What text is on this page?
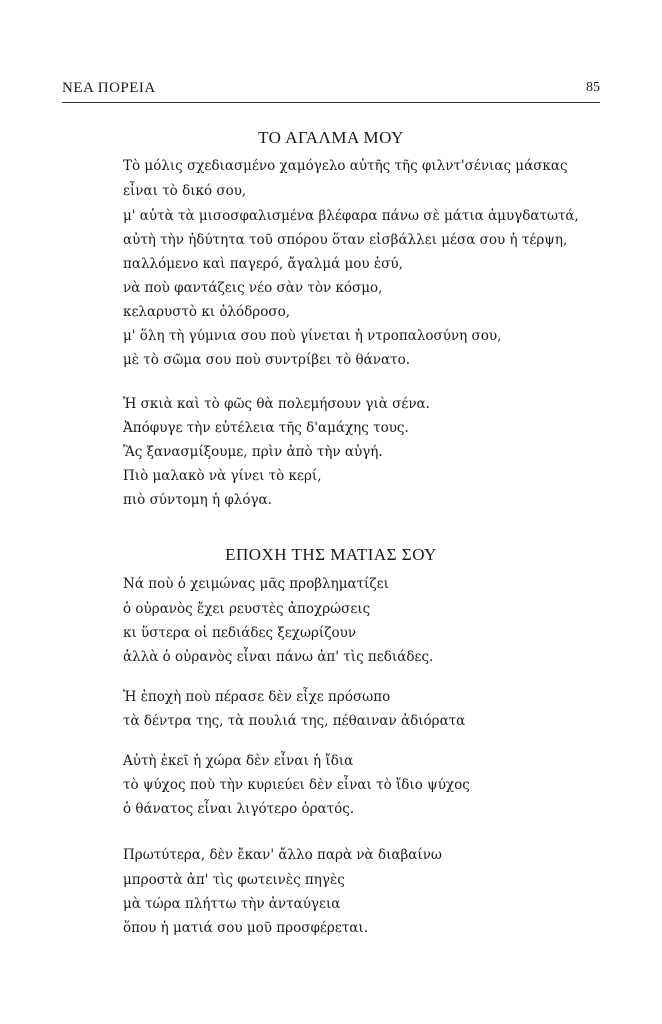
ΝΕΑ ΠΟΡΕΙΑ	85
ΤΟ ΑΓΑΛΜΑ ΜΟΥ
Τὸ μόλις σχεδιασμένο χαμόγελο αὐτῆς τῆς φιλντ'σένιας μάσκας
εἶναι τὸ δικό σου,
μ' αὐτὰ τὰ μισοσφαλισμένα βλέφαρα πάνω σὲ μάτια ἀμυγδατωτά,
αὐτὴ τὴν ἠδύτητα τοῦ σπόρου ὅταν εἰσβάλλει μέσα σου ἡ τέρψη,
παλλόμενο καὶ παγερό, ἄγαλμά μου ἐσύ,
νὰ ποὺ φαντάζεις νέο σὰν τὸν κόσμο,
κελαρυστὸ κι ὁλόδροσο,
μ' ὅλη τὴ γύμνια σου ποὺ γίνεται ἡ ντροπαλοσύνη σου,
μὲ τὸ σῶμα σου ποὺ συντρίβει τὸ θάνατο.
Ἡ σκιὰ καὶ τὸ φῶς θὰ πολεμήσουν γιὰ σένα.
Ἀπόφυγε τὴν εὐτέλεια τῆς δ'αμάχης τους.
Ἂς ξανασμίξουμε, πρὶν ἀπὸ τὴν αὐγή.
Πιὸ μαλακὸ νὰ γίνει τὸ κερί,
πιὸ σύντομη ἡ φλόγα.
ΕΠΟΧΗ ΤΗΣ ΜΑΤΙΑΣ ΣΟΥ
Νά ποὺ ὁ χειμώνας μᾶς προβληματίζει
ὁ οὐρανὸς ἔχει ρευστὲς ἀποχρώσεις
κι ὕστερα οἱ πεδιάδες ξεχωρίζουν
ἀλλὰ ὁ οὐρανὸς εἶναι πάνω ἀπ' τὶς πεδιάδες.
Ἡ ἐποχὴ ποὺ πέρασε δὲν εἶχε πρόσωπο
τὰ δέντρα της, τὰ πουλιά της, πέθαιναν ἀδιόρατα
Αὐτὴ ἐκεῖ ἡ χώρα δὲν εἶναι ἡ ἴδια
τὸ ψύχος ποὺ τὴν κυριεύει δὲν εἶναι τὸ ἴδιο ψύχος
ὁ θάνατος εἶναι λιγότερο ὁρατός.
Πρωτύτερα, δὲν ἔκαν' ἄλλο παρὰ νὰ διαβαίνω
μπροστὰ ἀπ' τὶς φωτεινὲς πηγὲς
μὰ τώρα πλήττω τὴν ἀνταύγεια
ὅπου ἡ ματιά σου μοῦ προσφέρεται.
